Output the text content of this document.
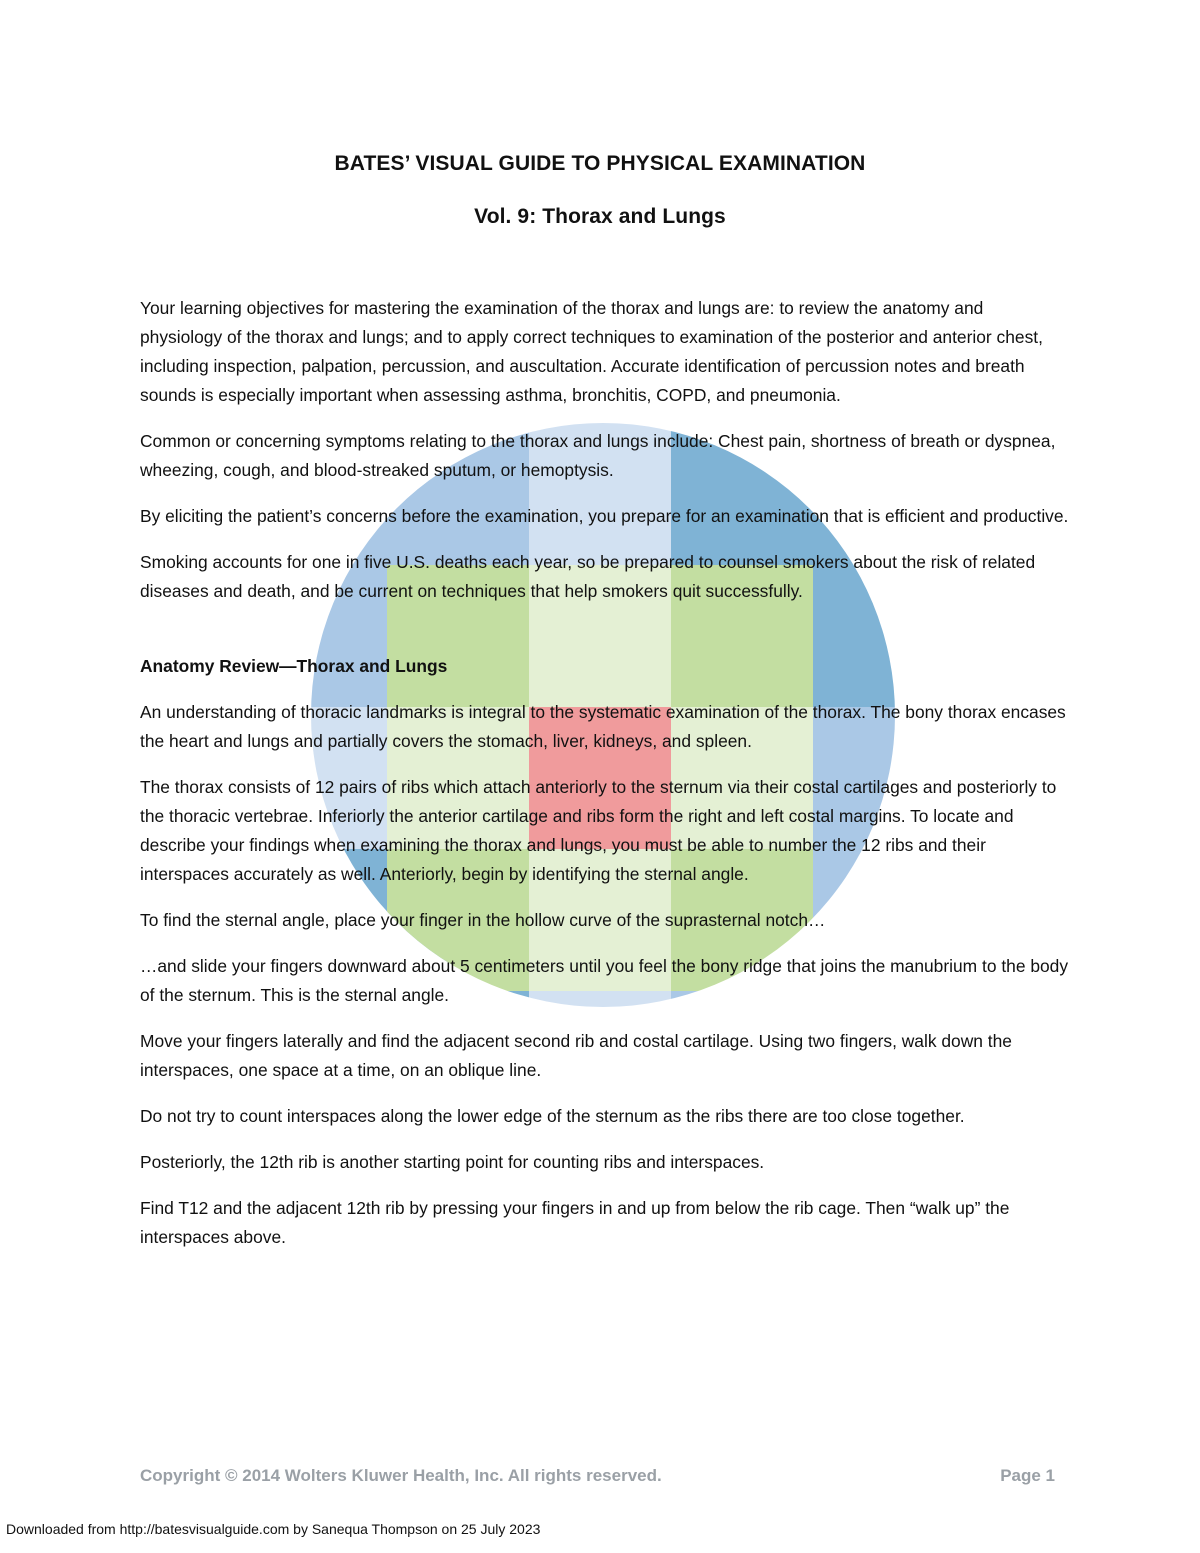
BATES’ VISUAL GUIDE TO PHYSICAL EXAMINATION
Vol. 9: Thorax and Lungs

Your learning objectives for mastering the examination of the thorax and lungs are: to review the anatomy and physiology of the thorax and lungs; and to apply correct techniques to examination of the posterior and anterior chest, including inspection, palpation, percussion, and auscultation. Accurate identification of percussion notes and breath sounds is especially important when assessing asthma, bronchitis, COPD, and pneumonia.

Common or concerning symptoms relating to the thorax and lungs include: Chest pain, shortness of breath or dyspnea, wheezing, cough, and blood-streaked sputum, or hemoptysis.

By eliciting the patient’s concerns before the examination, you prepare for an examination that is efficient and productive.

Smoking accounts for one in five U.S. deaths each year, so be prepared to counsel smokers about the risk of related diseases and death, and be current on techniques that help smokers quit successfully.

Anatomy Review—Thorax and Lungs

An understanding of thoracic landmarks is integral to the systematic examination of the thorax. The bony thorax encases the heart and lungs and partially covers the stomach, liver, kidneys, and spleen.

The thorax consists of 12 pairs of ribs which attach anteriorly to the sternum via their costal cartilages and posteriorly to the thoracic vertebrae. Inferiorly the anterior cartilage and ribs form the right and left costal margins. To locate and describe your findings when examining the thorax and lungs, you must be able to number the 12 ribs and their interspaces accurately as well. Anteriorly, begin by identifying the sternal angle.

To find the sternal angle, place your finger in the hollow curve of the suprasternal notch…

…and slide your fingers downward about 5 centimeters until you feel the bony ridge that joins the manubrium to the body of the sternum. This is the sternal angle.

Move your fingers laterally and find the adjacent second rib and costal cartilage. Using two fingers, walk down the interspaces, one space at a time, on an oblique line.

Do not try to count interspaces along the lower edge of the sternum as the ribs there are too close together.

Posteriorly, the 12th rib is another starting point for counting ribs and interspaces.

Find T12 and the adjacent 12th rib by pressing your fingers in and up from below the rib cage. Then “walk up” the interspaces above.

Copyright © 2014 Wolters Kluwer Health, Inc. All rights reserved.	Page 1
Downloaded from http://batesvisualguide.com by Sanequa Thompson on 25 July 2023
